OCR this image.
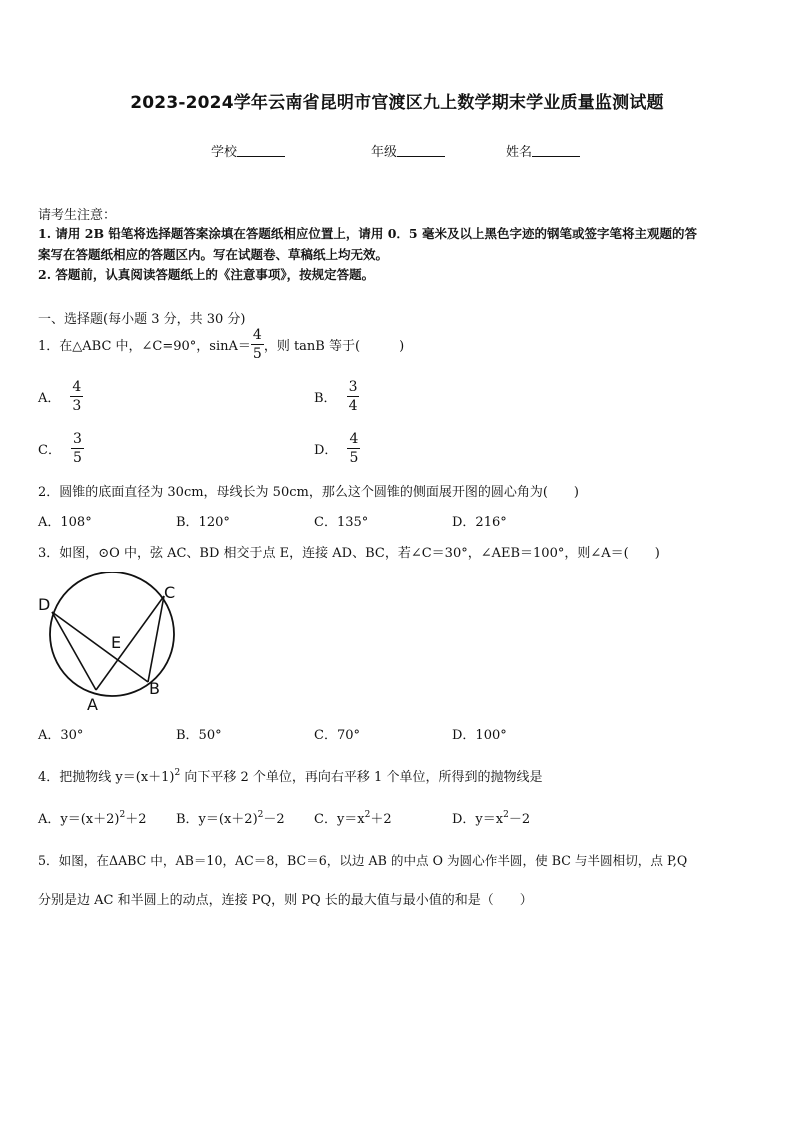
2023-2024学年云南省昆明市官渡区九上数学期末学业质量监测试题
学校	年级	姓名
请考生注意：
1. 请用 2B 铅笔将选择题答案涂填在答题纸相应位置上，请用 0．5 毫米及以上黑色字迹的钢笔或签字笔将主观题的答
案写在答题纸相应的答题区内。写在试题卷、草稿纸上均无效。
2. 答题前，认真阅读答题纸上的《注意事项》，按规定答题。
一、选择题(每小题 3 分，共 30 分)
1．在△ABC 中，∠C=90°，$\sin A= \frac{4}{5}$ ，则 tanB 等于(　　　)
A． $\frac{4}{3}$	B． $\frac{3}{4}$
C． $\frac{3}{5}$	D． $\frac{4}{5}$
2．圆锥的底面直径为 30cm，母线长为 50cm，那么这个圆锥的侧面展开图的圆心角为(　　)
A．108°	B．120°	C．135°	D．216°
3．如图，⊙O 中，弦 AC、BD 相交于点 E，连接 AD、BC，若∠C＝30°，∠AEB＝100°，则∠A＝(　　)
D
C
E
A
B
A．30°	B．50°	C．70°	D．100°
4．把抛物线 $y=(x+1)^2$ 向下平移 2 个单位，再向右平移 1 个单位，所得到的抛物线是
A．$y=(x+2)^2+2$ B．$y=(x+2)^2-2$ C．$y=x^2+2$	D．$y=x^2-2$
5．如图，在ΔABC 中，AB＝10，AC＝8，BC＝6，以边 AB 的中点 O 为圆心作半圆，使 BC 与半圆相切，点 P,Q
分别是边 AC 和半圆上的动点，连接 PQ，则 PQ 长的最大值与最小值的和是（　　）
